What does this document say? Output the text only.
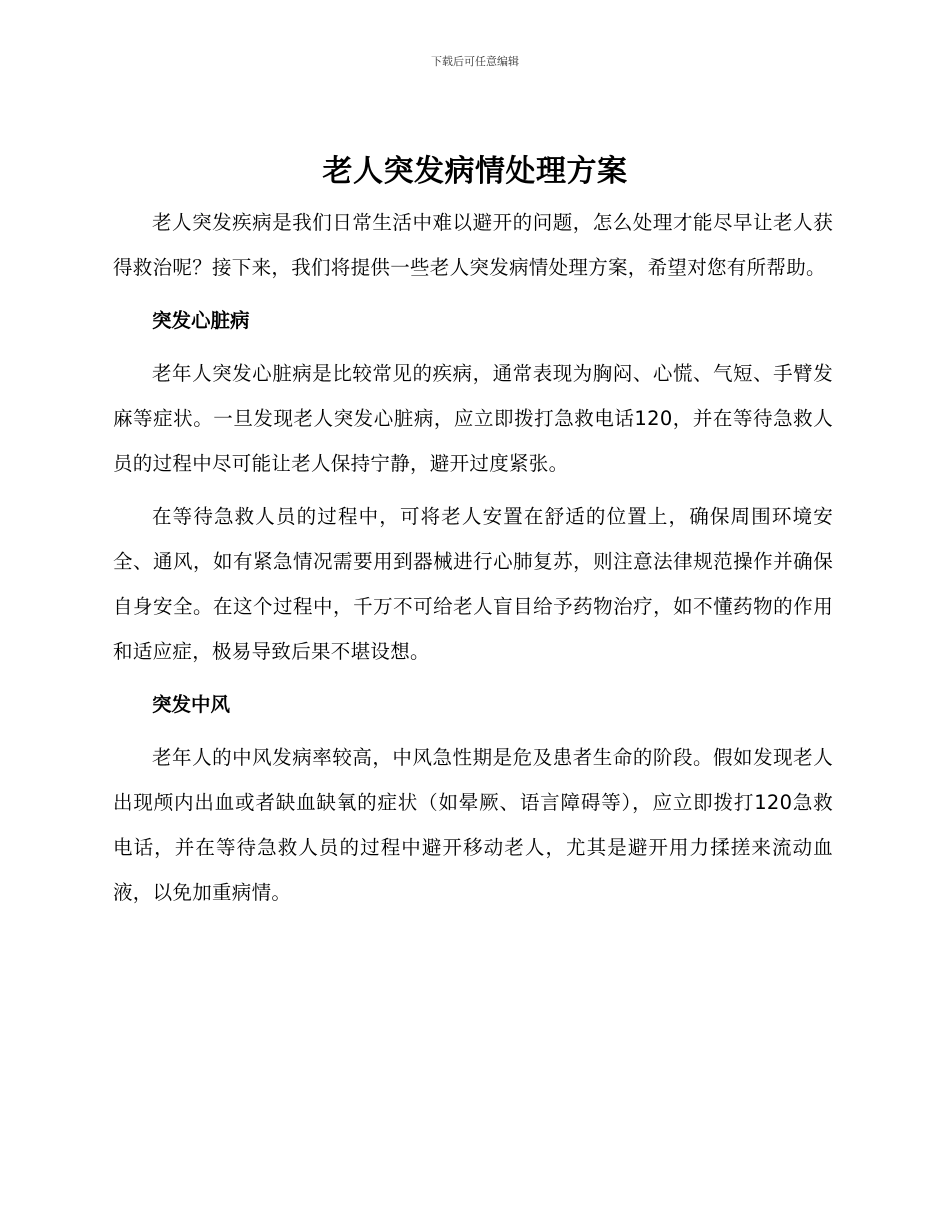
下载后可任意编辑
老人突发病情处理方案

老人突发疾病是我们日常生活中难以避开的问题，怎么处理才能尽早让老人获得救治呢？接下来，我们将提供一些老人突发病情处理方案，希望对您有所帮助。

突发心脏病

老年人突发心脏病是比较常见的疾病，通常表现为胸闷、心慌、气短、手臂发麻等症状。一旦发现老人突发心脏病，应立即拨打急救电话120，并在等待急救人员的过程中尽可能让老人保持宁静，避开过度紧张。

在等待急救人员的过程中，可将老人安置在舒适的位置上，确保周围环境安全、通风，如有紧急情况需要用到器械进行心肺复苏，则注意法律规范操作并确保自身安全。在这个过程中，千万不可给老人盲目给予药物治疗，如不懂药物的作用和适应症，极易导致后果不堪设想。

突发中风

老年人的中风发病率较高，中风急性期是危及患者生命的阶段。假如发现老人出现颅内出血或者缺血缺氧的症状（如晕厥、语言障碍等），应立即拨打120急救电话，并在等待急救人员的过程中避开移动老人，尤其是避开用力揉搓来流动血液，以免加重病情。
